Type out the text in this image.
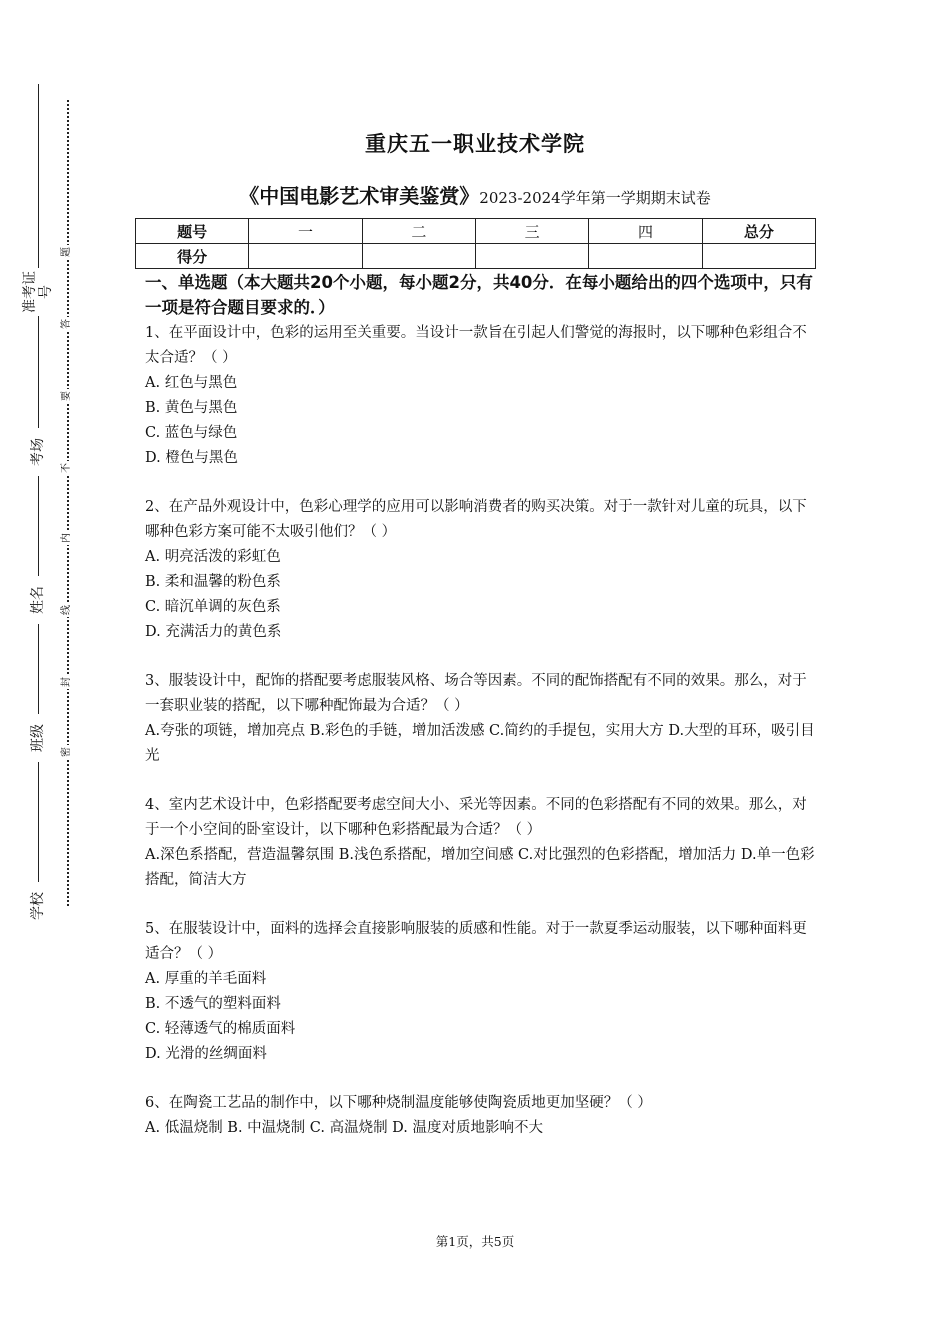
准考证号
考场
姓名
班级
学校
题
答
要
不
内
线
封
密
重庆五一职业技术学院
《中国电影艺术审美鉴赏》2023-2024学年第一学期期末试卷
题号	一	二	三	四	总分
得分					
一、单选题（本大题共20个小题，每小题2分，共40分．在每小题给出的四个选项中，只有一项是符合题目要求的．）

1、在平面设计中，色彩的运用至关重要。当设计一款旨在引起人们警觉的海报时，以下哪种色彩组合不太合适？（ ）

A. 红色与黑色

B. 黄色与黑色

C. 蓝色与绿色

D. 橙色与黑色

2、在产品外观设计中，色彩心理学的应用可以影响消费者的购买决策。对于一款针对儿童的玩具，以下哪种色彩方案可能不太吸引他们？（ ）

A. 明亮活泼的彩虹色

B. 柔和温馨的粉色系

C. 暗沉单调的灰色系

D. 充满活力的黄色系

3、服装设计中，配饰的搭配要考虑服装风格、场合等因素。不同的配饰搭配有不同的效果。那么，对于一套职业装的搭配，以下哪种配饰最为合适？（ ）

A.夸张的项链，增加亮点 B.彩色的手链，增加活泼感 C.简约的手提包，实用大方 D.大型的耳环，吸引目光

4、室内艺术设计中，色彩搭配要考虑空间大小、采光等因素。不同的色彩搭配有不同的效果。那么，对于一个小空间的卧室设计，以下哪种色彩搭配最为合适？（ ）

A.深色系搭配，营造温馨氛围 B.浅色系搭配，增加空间感 C.对比强烈的色彩搭配，增加活力 D.单一色彩搭配，简洁大方

5、在服装设计中，面料的选择会直接影响服装的质感和性能。对于一款夏季运动服装，以下哪种面料更适合？（ ）

A. 厚重的羊毛面料

B. 不透气的塑料面料

C. 轻薄透气的棉质面料

D. 光滑的丝绸面料

6、在陶瓷工艺品的制作中，以下哪种烧制温度能够使陶瓷质地更加坚硬？（ ）

A. 低温烧制 B. 中温烧制 C. 高温烧制 D. 温度对质地影响不大

第1页，共5页
